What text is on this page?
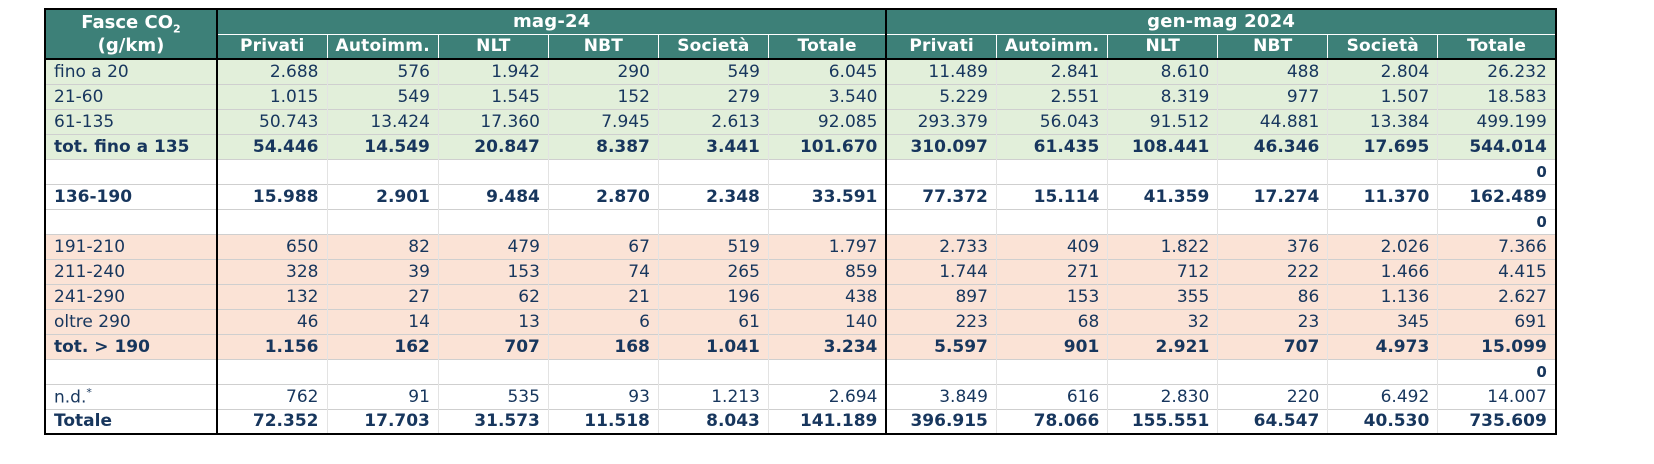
Fasce $CO_2$
(g/km)	mag-24						gen-mag 2024					
	Privati	Autoimm.	NLT	NBT	Società	Totale	Privati	Autoimm.	NLT	NBT	Società	Totale
fino a 20	2.688	576	1.942	290	549	6.045	11.489	2.841	8.610	488	2.804	26.232
21-60	1.015	549	1.545	152	279	3.540	5.229	2.551	8.319	977	1.507	18.583
61-135	50.743	13.424	17.360	7.945	2.613	92.085	293.379	56.043	91.512	44.881	13.384	499.199
tot. fino a 135	54.446	14.549	20.847	8.387	3.441	101.670	310.097	61.435	108.441	46.346	17.695	544.014
												0
136-190	15.988	2.901	9.484	2.870	2.348	33.591	77.372	15.114	41.359	17.274	11.370	162.489
												0
191-210	650	82	479	67	519	1.797	2.733	409	1.822	376	2.026	7.366
211-240	328	39	153	74	265	859	1.744	271	712	222	1.466	4.415
241-290	132	27	62	21	196	438	897	153	355	86	1.136	2.627
oltre 290	46	14	13	6	61	140	223	68	32	23	345	691
tot. > 190	1.156	162	707	168	1.041	3.234	5.597	901	2.921	707	4.973	15.099
												0
n.d.*	762	91	535	93	1.213	2.694	3.849	616	2.830	220	6.492	14.007
Totale	72.352	17.703	31.573	11.518	8.043	141.189	396.915	78.066	155.551	64.547	40.530	735.609
